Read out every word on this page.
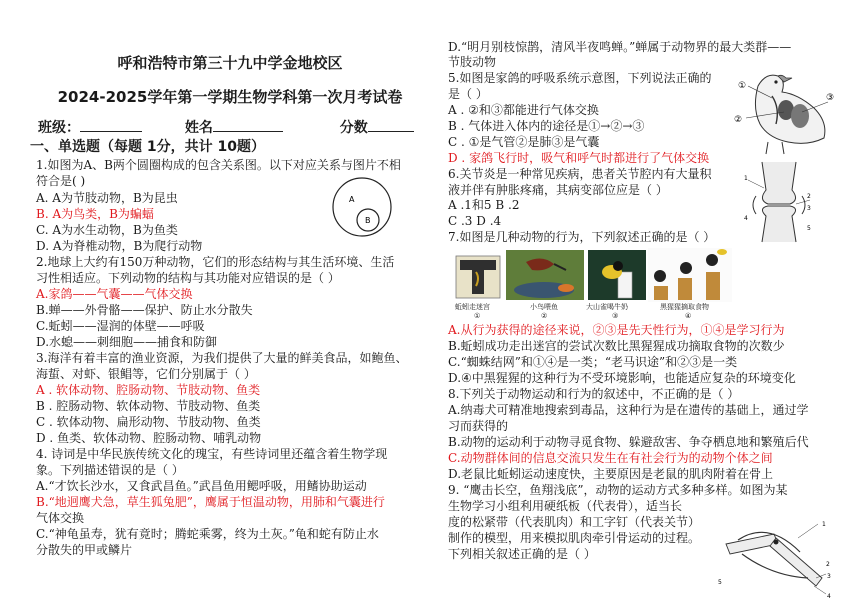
呼和浩特市第三十九中学金地校区
2024-2025学年第一学期生物学科第一次月考试卷
班级：	姓名	分数
一、单选题（每题 1分，共计 10题）
1.如图为A、B两个圆圈构成的包含关系图。以下对应关系与图片不相
符合是( )
A. A为节肢动物，B为昆虫
B. A为鸟类，B为蝙蝠
C. A为水生动物，B为鱼类
D. A为脊椎动物，B为爬行动物
2.地球上大约有150万种动物，它们的形态结构与其生活环境、生活
习性相适应。下列动物的结构与其功能对应错误的是（ ）
A.家鸽——气囊——气体交换
B.蝉——外骨骼——保护、防止水分散失
C.蚯蚓——湿润的体壁——呼吸
D.水螅——刺细胞——捕食和防御
3.海洋有着丰富的渔业资源，为我们提供了大量的鲜美食品，如鲍鱼、
海蜇、对虾、银鲳等，它们分别属于（ ）
A . 软体动物、腔肠动物、节肢动物、鱼类
B . 腔肠动物、软体动物、节肢动物、鱼类
C . 软体动物、扁形动物、节肢动物、鱼类
D . 鱼类、软体动物、腔肠动物、哺乳动物
4. 诗词是中华民族传统文化的瑰宝，有些诗词里还蕴含着生物学现
象。下列描述错误的是（ ）
A.“才饮长沙水，又食武昌鱼。”武昌鱼用鳃呼吸，用鳍协助运动
B.“地迥鹰犬急，草生狐兔肥”，鹰属于恒温动物，用肺和气囊进行
气体交换
C.“神龟虽寿，犹有竟时；腾蛇乘雾，终为土灰。”龟和蛇有防止水
分散失的甲或鳞片
A
B
D.“明月别枝惊鹊，清风半夜鸣蝉。”蝉属于动物界的最大类群——
节肢动物
5.如图是家鸽的呼吸系统示意图，下列说法正确的
是（ ）
A . ②和③都能进行气体交换
B . 气体进入体内的途径是①→②→③
C . ①是气管②是肺③是气囊
D . 家鸽飞行时，吸气和呼气时都进行了气体交换
6.关节炎是一种常见疾病，患者关节腔内有大量积
液并伴有肿胀疼痛，其病变部位应是（ ）
A .1和5 B .2
C .3 D .4
7.如图是几种动物的行为，下列叙述正确的是（ ）
A.从行为获得的途径来说，②③是先天性行为，①④是学习行为
B.蚯蚓成功走出迷宫的尝试次数比黑猩猩成功摘取食物的次数少
C.“蜘蛛结网”和①④是一类；“老马识途”和②③是一类
D.④中黑猩猩的这种行为不受环境影响，也能适应复杂的环境变化
8.下列关于动物运动和行为的叙述中，不正确的是（ ）
A.纳毒犬可精准地搜索到毒品，这种行为是在遗传的基础上，通过学
习而获得的
B.动物的运动利于动物寻觅食物、躲避敌害、争夺栖息地和繁殖后代
C.动物群体间的信息交流只发生在有社会行为的动物个体之间
D.老鼠比蚯蚓运动速度快，主要原因是老鼠的肌肉附着在骨上
9. “鹰击长空，鱼翔浅底”，动物的运动方式多种多样。如图为某
生物学习小组利用硬纸板（代表骨），适当长
度的松紧带（代表肌肉）和工字钉（代表关节）
制作的模型，用来模拟肌肉牵引骨运动的过程。
下列相关叙述正确的是（ ）
①
②
③
1
2
3
4
5
蚯蚓走迷宫
①
小鸟喂鱼
②
大山雀喝牛奶
③
黑猩猩摘取食物
④
1
2
3
4
5
